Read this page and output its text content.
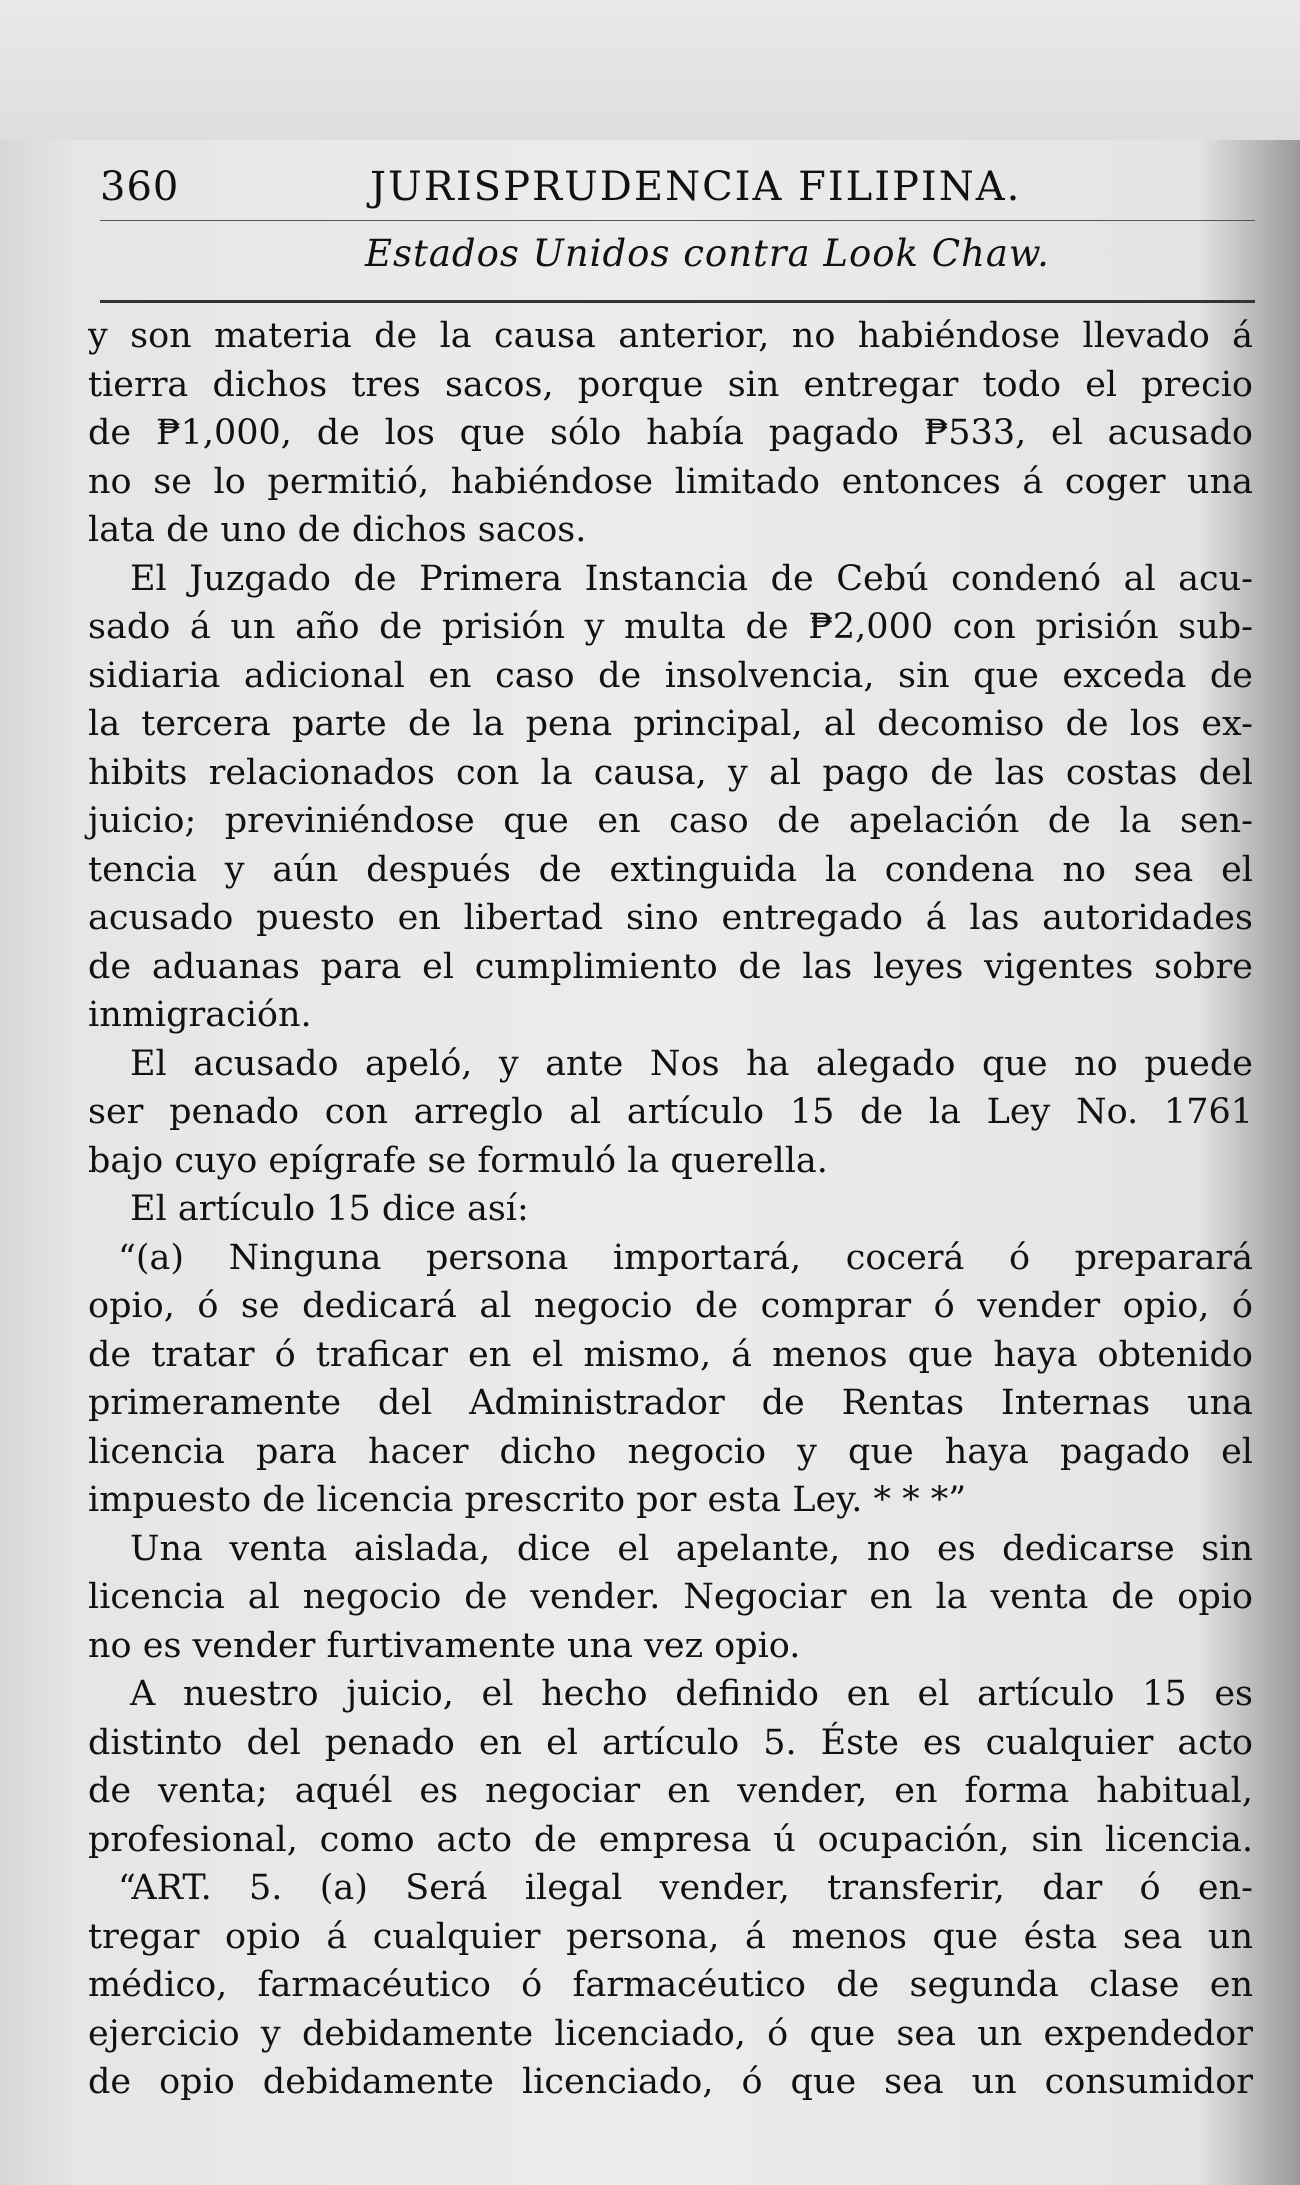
360	JURISPRUDENCIA FILIPINA.
Estados Unidos contra Look Chaw.
y son materia de la causa anterior, no habiéndose llevado á
tierra dichos tres sacos, porque sin entregar todo el precio
de ₱1,000, de los que sólo había pagado ₱533, el acusado
no se lo permitió, habiéndose limitado entonces á coger una
lata de uno de dichos sacos.
El Juzgado de Primera Instancia de Cebú condenó al acu-
sado á un año de prisión y multa de ₱2,000 con prisión sub-
sidiaria adicional en caso de insolvencia, sin que exceda de
la tercera parte de la pena principal, al decomiso de los ex-
hibits relacionados con la causa, y al pago de las costas del
juicio; previniéndose que en caso de apelación de la sen-
tencia y aún después de extinguida la condena no sea el
acusado puesto en libertad sino entregado á las autoridades
de aduanas para el cumplimiento de las leyes vigentes sobre
inmigración.
El acusado apeló, y ante Nos ha alegado que no puede
ser penado con arreglo al artículo 15 de la Ley No. 1761
bajo cuyo epígrafe se formuló la querella.
El artículo 15 dice así:
“(a) Ninguna persona importará, cocerá ó preparará
opio, ó se dedicará al negocio de comprar ó vender opio, ó
de tratar ó traficar en el mismo, á menos que haya obtenido
primeramente del Administrador de Rentas Internas una
licencia para hacer dicho negocio y que haya pagado el
impuesto de licencia prescrito por esta Ley. * * *”
Una venta aislada, dice el apelante, no es dedicarse sin
licencia al negocio de vender. Negociar en la venta de opio
no es vender furtivamente una vez opio.
A nuestro juicio, el hecho definido en el artículo 15 es
distinto del penado en el artículo 5. Éste es cualquier acto
de venta; aquél es negociar en vender, en forma habitual,
profesional, como acto de empresa ú ocupación, sin licencia.
“ART. 5. (a) Será ilegal vender, transferir, dar ó en-
tregar opio á cualquier persona, á menos que ésta sea un
médico, farmacéutico ó farmacéutico de segunda clase en
ejercicio y debidamente licenciado, ó que sea un expendedor
de opio debidamente licenciado, ó que sea un consumidor
